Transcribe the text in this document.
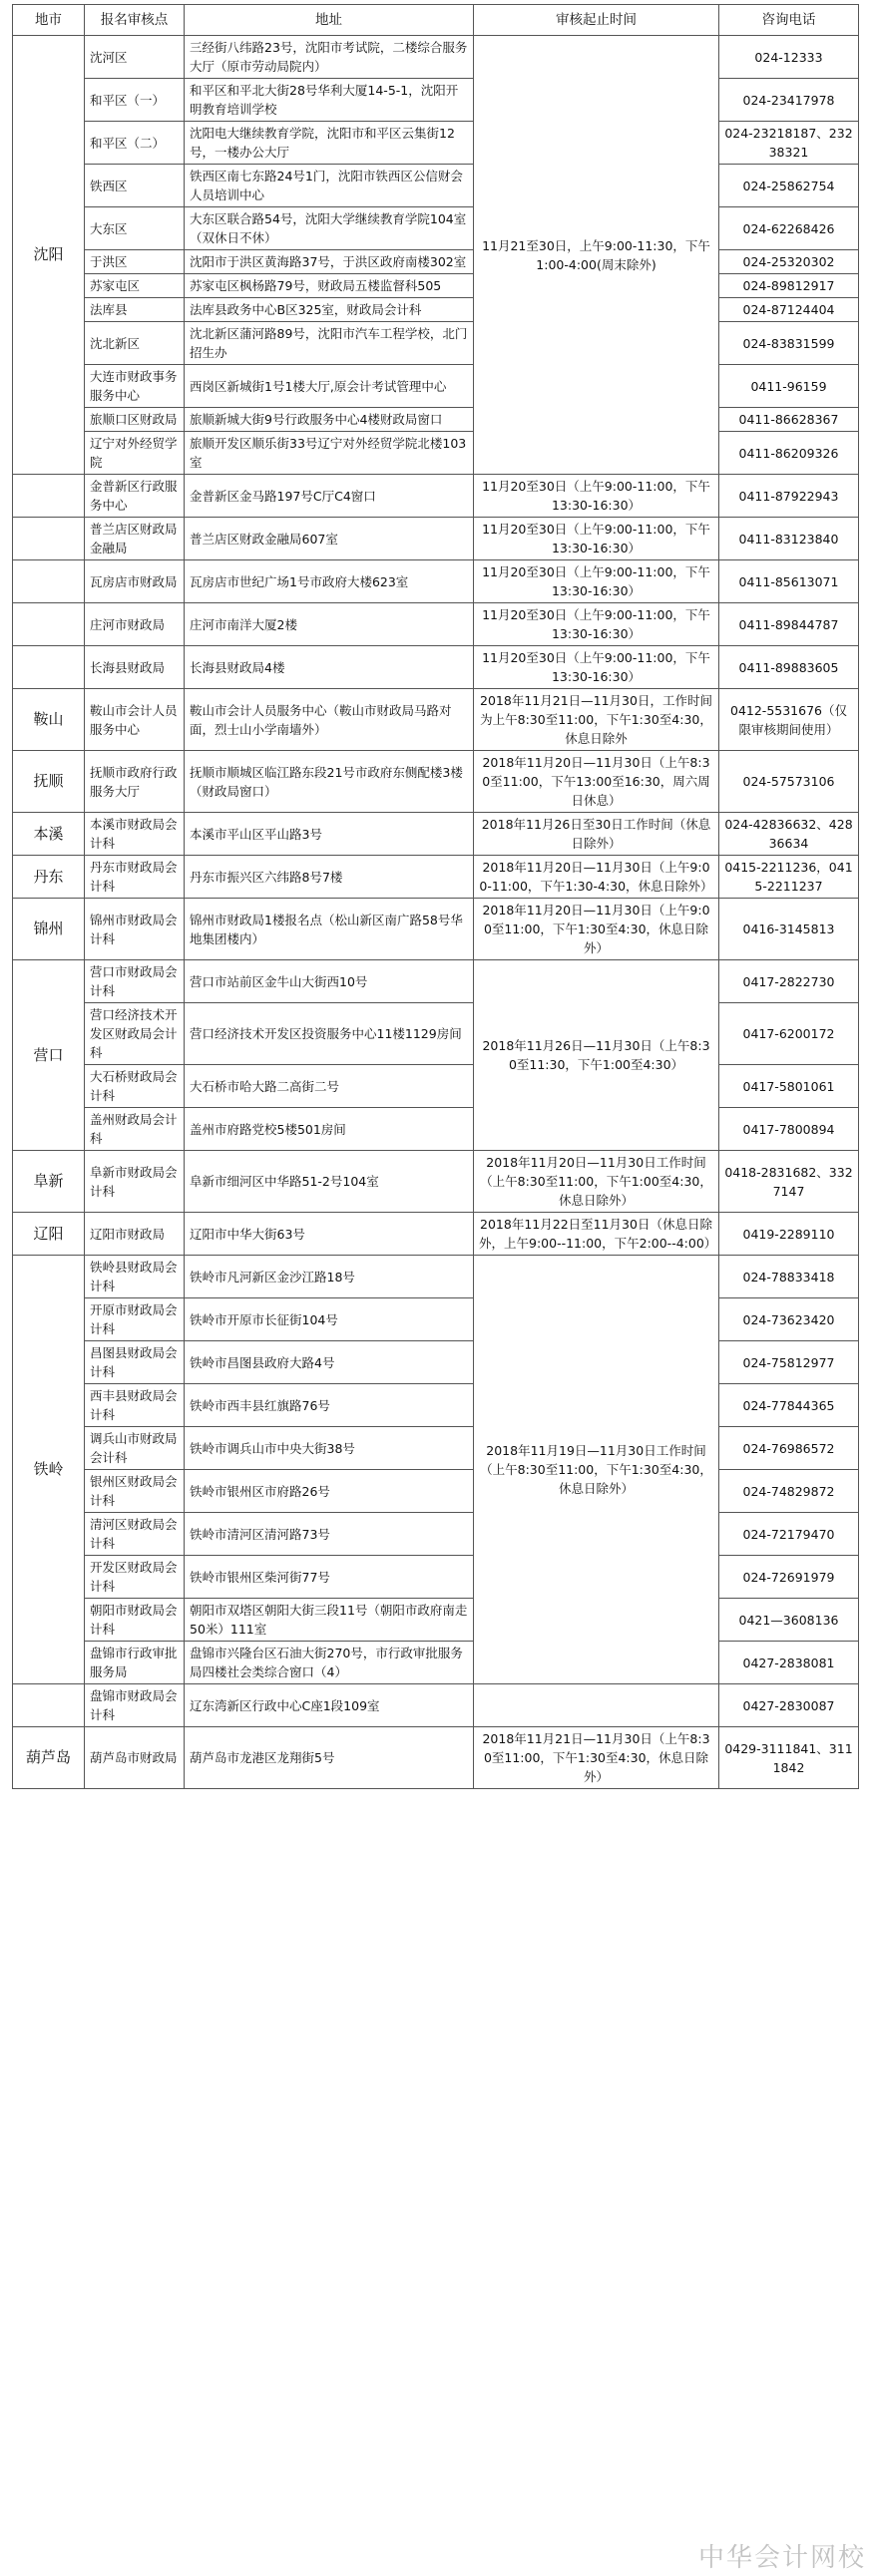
地市	报名审核点	地址	审核起止时间	咨询电话
沈阳	沈河区	三经街八纬路23号，沈阳市考试院，二楼综合服务大厅（原市劳动局院内）	11月21至30日，上午9:00-11:30，下午1:00-4:00(周末除外)	024-12333
	和平区（一）	和平区和平北大街28号华利大厦14-5-1，沈阳开明教育培训学校		024-23417978
	和平区（二）	沈阳电大继续教育学院，沈阳市和平区云集街12号，一楼办公大厅		024-23218187、23238321
	铁西区	铁西区南七东路24号1门，沈阳市铁西区公信财会人员培训中心		024-25862754
	大东区	大东区联合路54号，沈阳大学继续教育学院104室（双休日不休）		024-62268426
	于洪区	沈阳市于洪区黄海路37号，于洪区政府南楼302室		024-25320302
	苏家屯区	苏家屯区枫杨路79号，财政局五楼监督科505		024-89812917
	法库县	法库县政务中心B区325室，财政局会计科		024-87124404
	沈北新区	沈北新区蒲河路89号，沈阳市汽车工程学校，北门招生办		024-83831599
	大连市财政事务服务中心	西岗区新城街1号1楼大厅,原会计考试管理中心		0411-96159
	旅顺口区财政局	旅顺新城大街9号行政服务中心4楼财政局窗口		0411-86628367
	辽宁对外经贸学院	旅顺开发区顺乐街33号辽宁对外经贸学院北楼103室		0411-86209326
	金普新区行政服务中心	金普新区金马路197号C厅C4窗口	11月20至30日（上午9:00-11:00，下午13:30-16:30）	0411-87922943
	普兰店区财政局金融局	普兰店区财政金融局607室	11月20至30日（上午9:00-11:00，下午13:30-16:30）	0411-83123840
	瓦房店市财政局	瓦房店市世纪广场1号市政府大楼623室	11月20至30日（上午9:00-11:00，下午13:30-16:30）	0411-85613071
	庄河市财政局	庄河市南洋大厦2楼	11月20至30日（上午9:00-11:00，下午13:30-16:30）	0411-89844787
	长海县财政局	长海县财政局4楼	11月20至30日（上午9:00-11:00，下午13:30-16:30）	0411-89883605
鞍山	鞍山市会计人员服务中心	鞍山市会计人员服务中心（鞍山市财政局马路对面，烈士山小学南墙外）	2018年11月21日—11月30日，工作时间为上午8:30至11:00，下午1:30至4:30，休息日除外	0412-5531676（仅限审核期间使用）
抚顺	抚顺市政府行政服务大厅	抚顺市顺城区临江路东段21号市政府东侧配楼3楼（财政局窗口）	2018年11月20日—11月30日（上午8:30至11:00，下午13:00至16:30，周六周日休息）	024-57573106
本溪	本溪市财政局会计科	本溪市平山区平山路3号	2018年11月26日至30日工作时间（休息日除外）	024-42836632、42836634
丹东	丹东市财政局会计科	丹东市振兴区六纬路8号7楼	2018年11月20日—11月30日（上午9:00-11:00，下午1:30-4:30，休息日除外）	0415-2211236，0415-2211237
锦州	锦州市财政局会计科	锦州市财政局1楼报名点（松山新区南广路58号华地集团楼内）	2018年11月20日—11月30日（上午9:00至11:00，下午1:30至4:30，休息日除外）	0416-3145813
营口	营口市财政局会计科	营口市站前区金牛山大街西10号	2018年11月26日—11月30日（上午8:30至11:30，下午1:00至4:30）	0417-2822730
	营口经济技术开发区财政局会计科	营口经济技术开发区投资服务中心11楼1129房间		0417-6200172
	大石桥财政局会计科	大石桥市哈大路二高街二号		0417-5801061
	盖州财政局会计科	盖州市府路党校5楼501房间		0417-7800894
阜新	阜新市财政局会计科	阜新市细河区中华路51-2号104室	2018年11月20日—11月30日工作时间（上午8:30至11:00，下午1:00至4:30，休息日除外）	0418-2831682、3327147
辽阳	辽阳市财政局	辽阳市中华大街63号	2018年11月22日至11月30日（休息日除外，上午9:00--11:00，下午2:00--4:00）	0419-2289110
铁岭	铁岭县财政局会计科	铁岭市凡河新区金沙江路18号	2018年11月19日—11月30日工作时间（上午8:30至11:00，下午1:30至4:30，休息日除外）	024-78833418
	开原市财政局会计科	铁岭市开原市长征街104号		024-73623420
	昌图县财政局会计科	铁岭市昌图县政府大路4号		024-75812977
	西丰县财政局会计科	铁岭市西丰县红旗路76号		024-77844365
	调兵山市财政局会计科	铁岭市调兵山市中央大街38号		024-76986572
	银州区财政局会计科	铁岭市银州区市府路26号		024-74829872
	清河区财政局会计科	铁岭市清河区清河路73号		024-72179470
	开发区财政局会计科	铁岭市银州区柴河街77号		024-72691979
	朝阳市财政局会计科	朝阳市双塔区朝阳大街三段11号（朝阳市政府南走50米）111室		0421—3608136
	盘锦市行政审批服务局	盘锦市兴隆台区石油大街270号，市行政审批服务局四楼社会类综合窗口（4）		0427-2838081
	盘锦市财政局会计科	辽东湾新区行政中心C座1段109室		0427-2830087
葫芦岛	葫芦岛市财政局	葫芦岛市龙港区龙翔街5号	2018年11月21日—11月30日（上午8:30至11:00，下午1:30至4:30，休息日除外）	0429-3111841、3111842
中华会计网校
